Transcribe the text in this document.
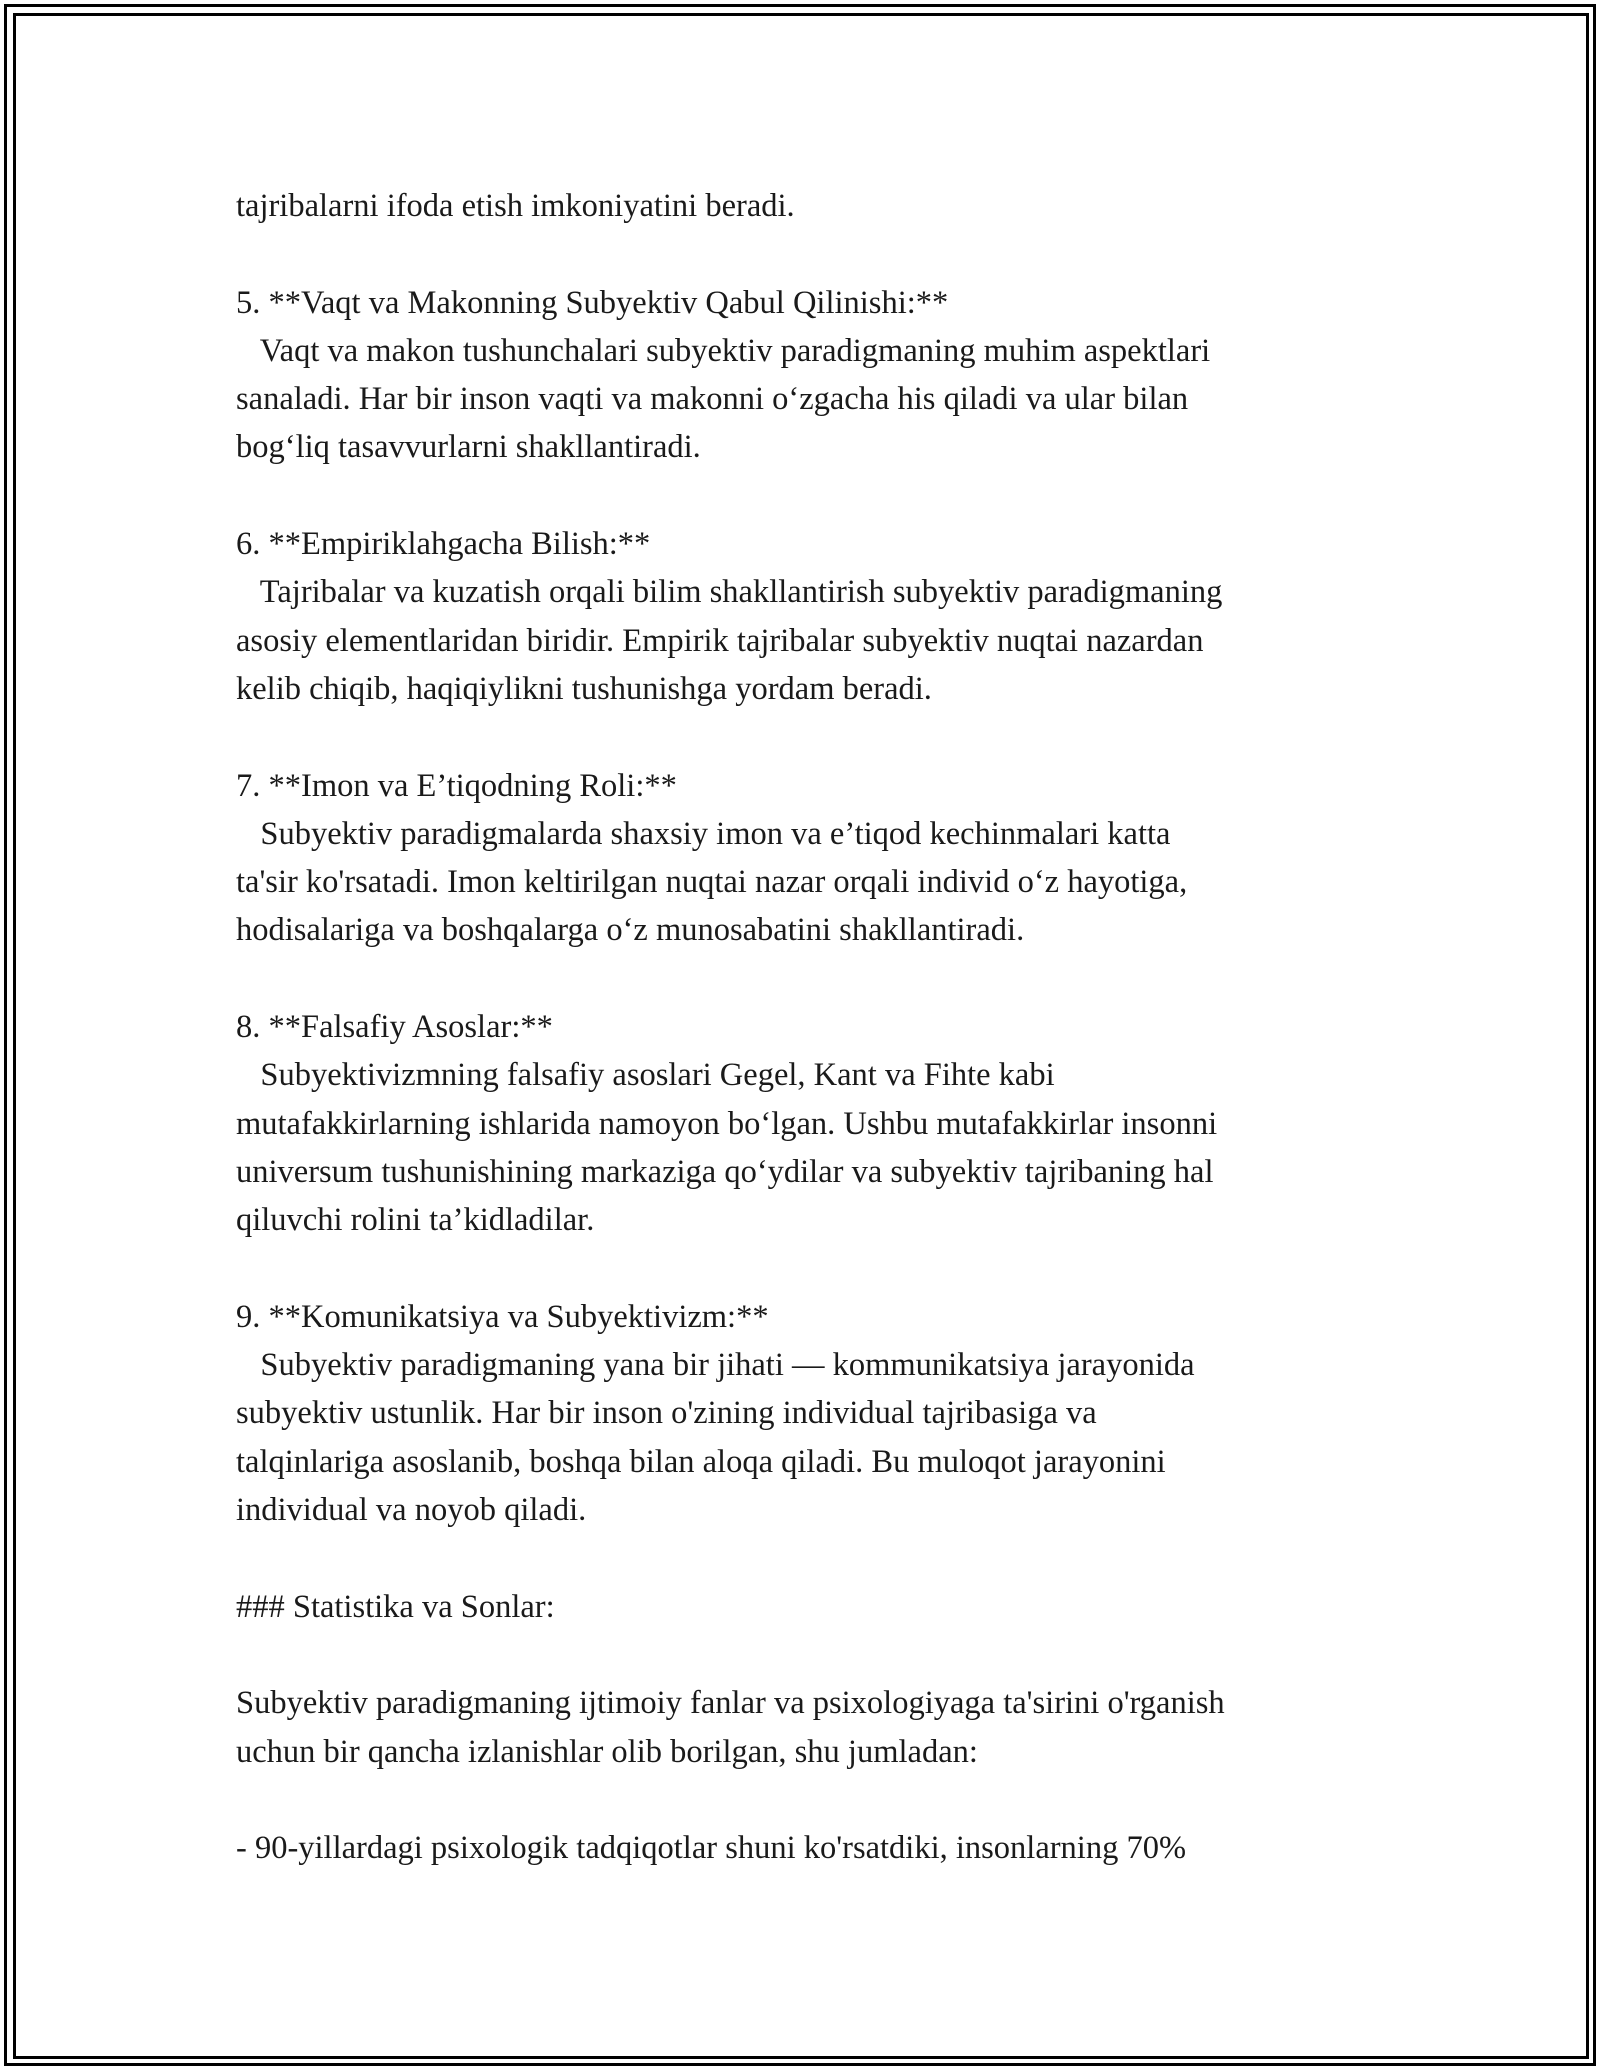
tajribalarni ifoda etish imkoniyatini beradi.
5. **Vaqt va Makonning Subyektiv Qabul Qilinishi:**
Vaqt va makon tushunchalari subyektiv paradigmaning muhim aspektlari
sanaladi. Har bir inson vaqti va makonni o‘zgacha his qiladi va ular bilan
bog‘liq tasavvurlarni shakllantiradi.
6. **Empiriklahgacha Bilish:**
Tajribalar va kuzatish orqali bilim shakllantirish subyektiv paradigmaning
asosiy elementlaridan biridir. Empirik tajribalar subyektiv nuqtai nazardan
kelib chiqib, haqiqiylikni tushunishga yordam beradi.
7. **Imon va E’tiqodning Roli:**
Subyektiv paradigmalarda shaxsiy imon va e’tiqod kechinmalari katta
ta'sir ko'rsatadi. Imon keltirilgan nuqtai nazar orqali individ o‘z hayotiga,
hodisalariga va boshqalarga o‘z munosabatini shakllantiradi.
8. **Falsafiy Asoslar:**
Subyektivizmning falsafiy asoslari Gegel, Kant va Fihte kabi
mutafakkirlarning ishlarida namoyon bo‘lgan. Ushbu mutafakkirlar insonni
universum tushunishining markaziga qo‘ydilar va subyektiv tajribaning hal
qiluvchi rolini ta’kidladilar.
9. **Komunikatsiya va Subyektivizm:**
Subyektiv paradigmaning yana bir jihati — kommunikatsiya jarayonida
subyektiv ustunlik. Har bir inson o'zining individual tajribasiga va
talqinlariga asoslanib, boshqa bilan aloqa qiladi. Bu muloqot jarayonini
individual va noyob qiladi.
### Statistika va Sonlar:
Subyektiv paradigmaning ijtimoiy fanlar va psixologiyaga ta'sirini o'rganish
uchun bir qancha izlanishlar olib borilgan, shu jumladan:
- 90-yillardagi psixologik tadqiqotlar shuni ko'rsatdiki, insonlarning 70%
